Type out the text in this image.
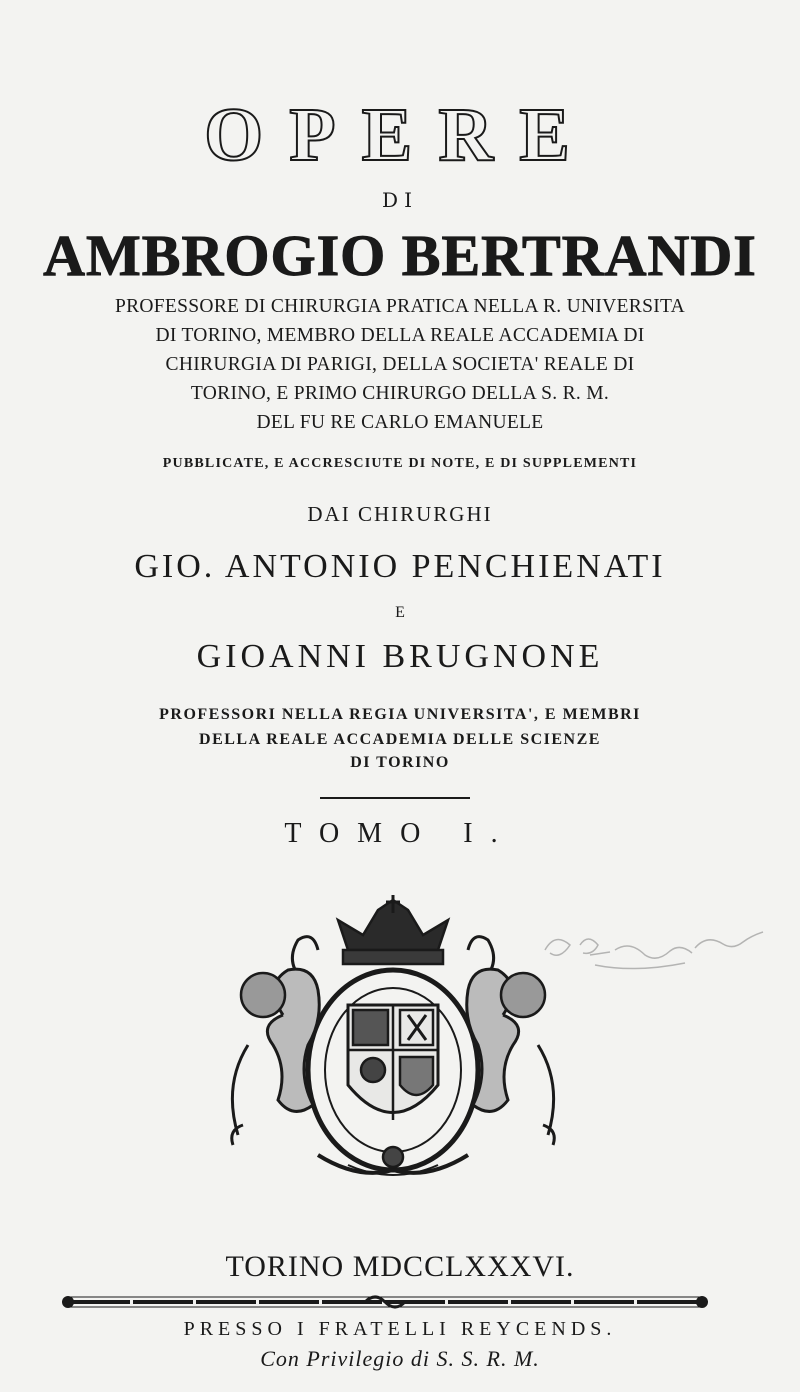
OPERE
DI
AMBROGIO BERTRANDI
PROFESSORE DI CHIRURGIA PRATICA NELLA R. UNIVERSITA
DI TORINO, MEMBRO DELLA REALE ACCADEMIA DI
CHIRURGIA DI PARIGI, DELLA SOCIETA' REALE DI
TORINO, E PRIMO CHIRURGO DELLA S. R. M.
DEL FU RE CARLO EMANUELE
PUBBLICATE, E ACCRESCIUTE DI NOTE, E DI SUPPLEMENTI
DAI CHIRURGHI
GIO. ANTONIO PENCHIENATI
E
GIOANNI BRUGNONE
PROFESSORI NELLA REGIA UNIVERSITA', E MEMBRI
DELLA REALE ACCADEMIA DELLE SCIENZE
DI TORINO
TOMO I.
TORINO MDCCLXXXVI.
PRESSO I FRATELLI REYCENDS.
Con Privilegio di S. S. R. M.
